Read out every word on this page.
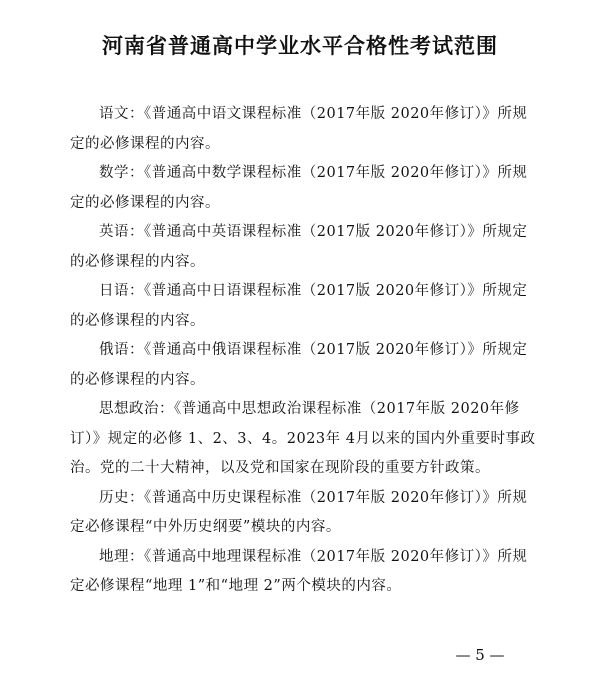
河南省普通高中学业水平合格性考试范围

语文：《普通高中语文课程标准（2017年版 2020年修订）》所规定的必修课程的内容。

数学：《普通高中数学课程标准（2017年版 2020年修订）》所规定的必修课程的内容。

英语：《普通高中英语课程标准（2017版 2020年修订）》所规定的必修课程的内容。

日语：《普通高中日语课程标准（2017版 2020年修订）》所规定的必修课程的内容。

俄语：《普通高中俄语课程标准（2017版 2020年修订）》所规定的必修课程的内容。

思想政治：《普通高中思想政治课程标准（2017年版 2020年修订）》规定的必修 1、2、3、4。2023年 4月以来的国内外重要时事政治。党的二十大精神，以及党和国家在现阶段的重要方针政策。

历史：《普通高中历史课程标准（2017年版 2020年修订）》所规定必修课程“中外历史纲要”模块的内容。

地理：《普通高中地理课程标准（2017年版 2020年修订）》所规定必修课程“地理 1”和“地理 2”两个模块的内容。

— 5 —
